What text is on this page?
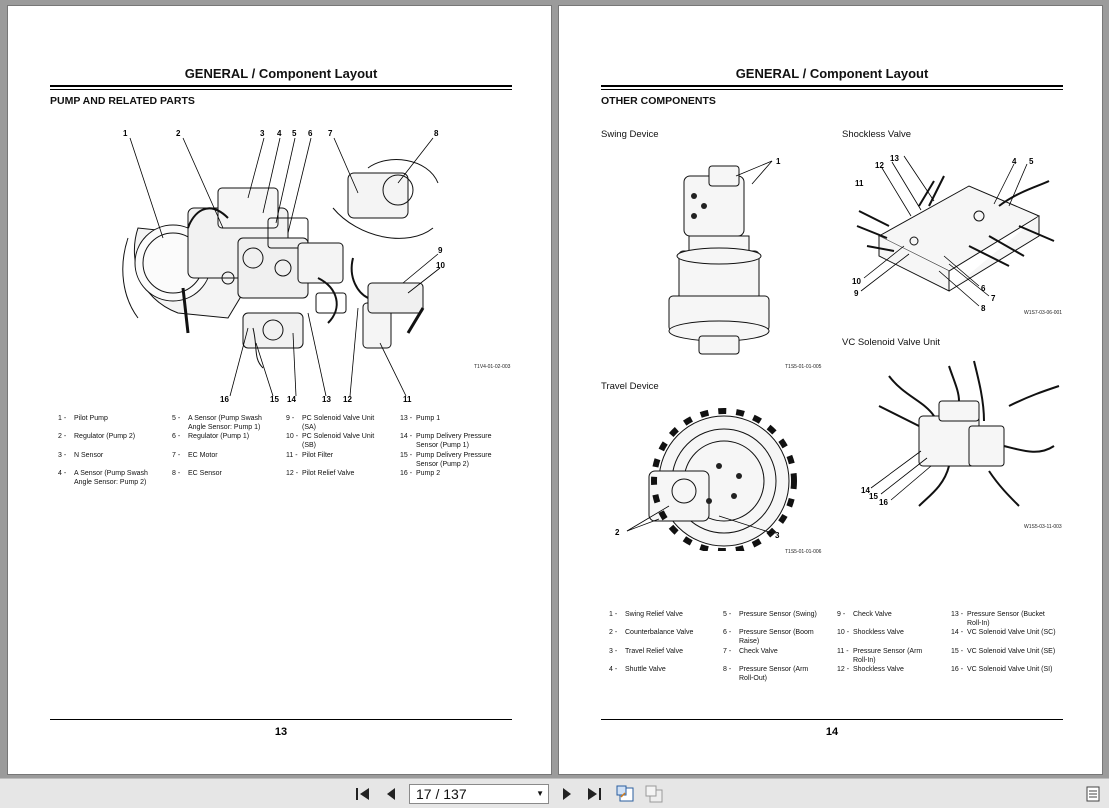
GENERAL / Component Layout
PUMP AND RELATED PARTS
1	2	3 4 5 6 7	8
9
10
11
12
13
14
15
16
T1V4-01-02-003
1 -	Pilot Pump
2 -	Regulator (Pump 2)
3 -	N Sensor
4 -	A Sensor (Pump Swash Angle Sensor: Pump 2)
5 -	A Sensor (Pump Swash Angle Sensor: Pump 1)
6 -	Regulator (Pump 1)
7 -	EC Motor
8 -	EC Sensor
9 -	PC Solenoid Valve Unit (SA)
10 - PC Solenoid Valve Unit (SB)
11 - Pilot Filter
12 - Pilot Relief Valve
13 - Pump 1
14 - Pump Delivery Pressure Sensor (Pump 1)
15 - Pump Delivery Pressure Sensor (Pump 2)
16 - Pump 2
13
GENERAL / Component Layout
OTHER COMPONENTS
Swing Device
1
T1S5-01-01-005
Shockless Valve
11
12
13	4 5
10
9
6
7
8	W1S7-03-06-001
VC Solenoid Valve Unit
14
15
16
W1S5-03-11-003
Travel Device
2	3
T1S5-01-01-006
1 -	Swing Relief Valve
2 -	Counterbalance Valve
3 -	Travel Relief Valve
4 -	Shuttle Valve
5 -	Pressure Sensor (Swing)
6 -	Pressure Sensor (Boom Raise)
7 -	Check Valve
8 -	Pressure Sensor (Arm Roll-Out)
9 -	Check Valve
10 - Shockless Valve
11 - Pressure Sensor (Arm Roll-In)
12 - Shockless Valve
13 - Pressure Sensor (Bucket Roll-In)
14 - VC Solenoid Valve Unit (SC)
15 - VC Solenoid Valve Unit (SE)
16 - VC Solenoid Valve Unit (SI)
14
17 / 137	▼
